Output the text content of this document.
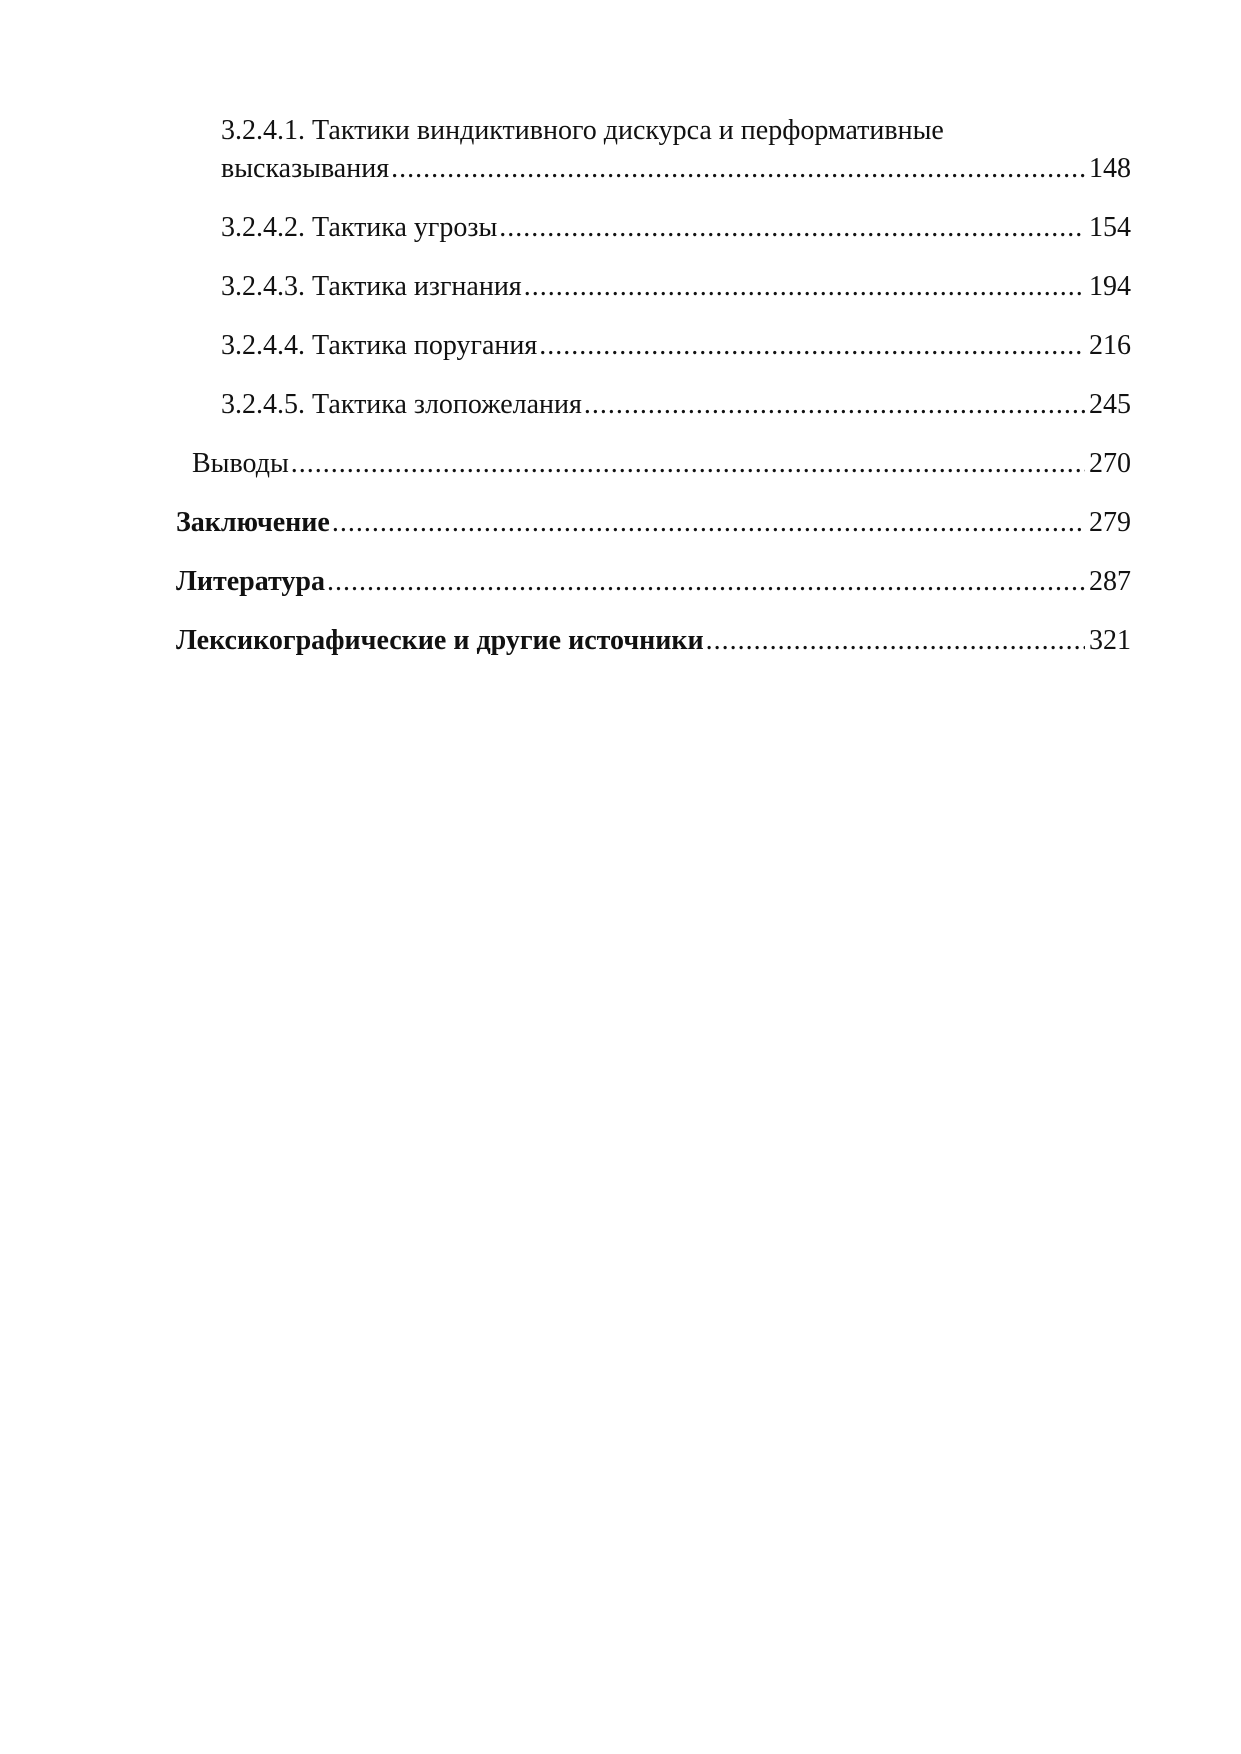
3.2.4.1. Тактики виндиктивного дискурса и перформативные
высказывания .....	148
3.2.4.2. Тактика угрозы .....	154
3.2.4.3. Тактика изгнания .....	194
3.2.4.4. Тактика поругания .....	216
3.2.4.5. Тактика злопожелания .....	245
Выводы .....	270
Заключение .....	279
Литература .....	287
Лексикографические и другие источники .....	321
